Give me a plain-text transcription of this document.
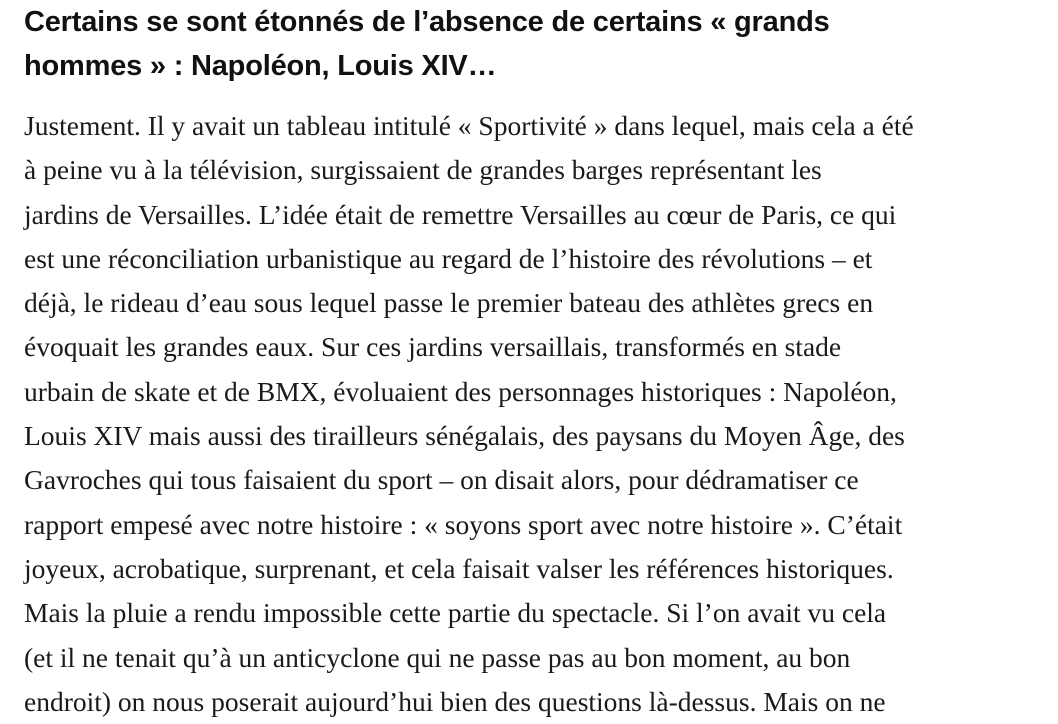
Certains se sont étonnés de l’absence de certains « grands
hommes » : Napoléon, Louis XIV…

Justement. Il y avait un tableau intitulé « Sportivité » dans lequel, mais cela a été
à peine vu à la télévision, surgissaient de grandes barges représentant les
jardins de Versailles. L’idée était de remettre Versailles au cœur de Paris, ce qui
est une réconciliation urbanistique au regard de l’histoire des révolutions – et
déjà, le rideau d’eau sous lequel passe le premier bateau des athlètes grecs en
évoquait les grandes eaux. Sur ces jardins versaillais, transformés en stade
urbain de skate et de BMX, évoluaient des personnages historiques : Napoléon,
Louis XIV mais aussi des tirailleurs sénégalais, des paysans du Moyen Âge, des
Gavroches qui tous faisaient du sport – on disait alors, pour dédramatiser ce
rapport empesé avec notre histoire : « soyons sport avec notre histoire ». C’était
joyeux, acrobatique, surprenant, et cela faisait valser les références historiques.
Mais la pluie a rendu impossible cette partie du spectacle. Si l’on avait vu cela
(et il ne tenait qu’à un anticyclone qui ne passe pas au bon moment, au bon
endroit) on nous poserait aujourd’hui bien des questions là-dessus. Mais on ne
